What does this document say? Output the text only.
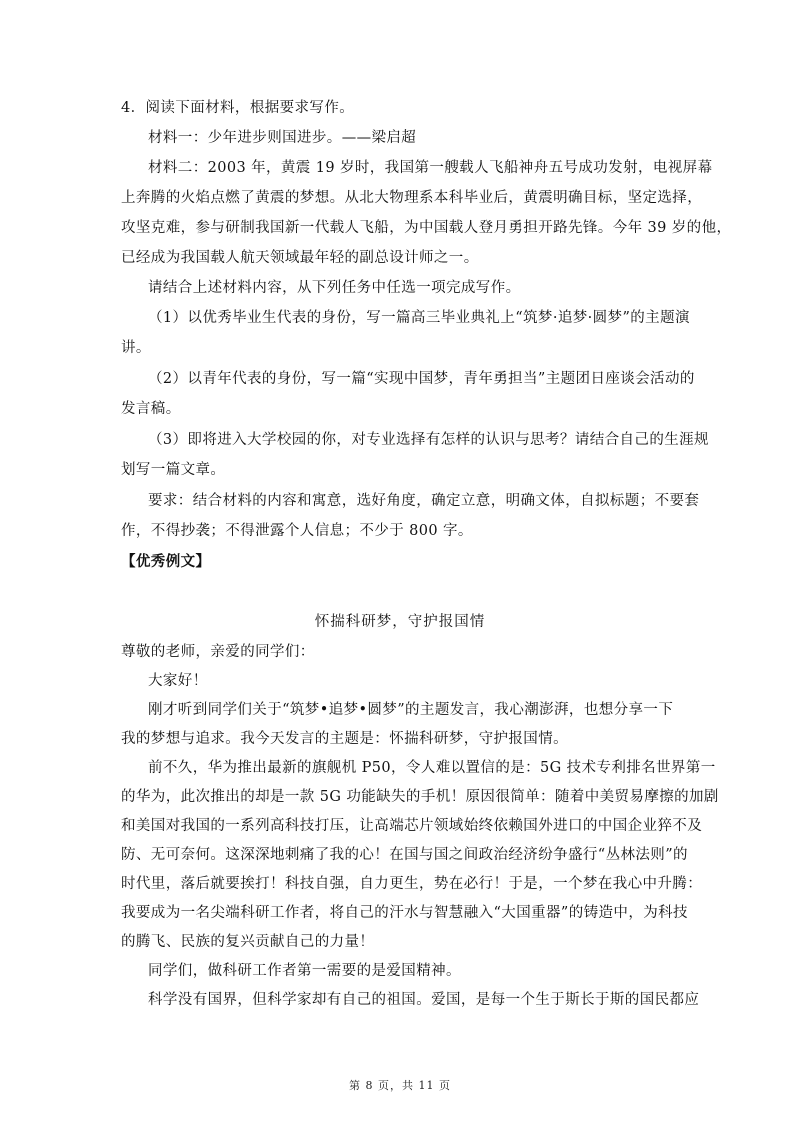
4．阅读下面材料，根据要求写作。
材料一：少年进步则国进步。——梁启超
材料二：2003 年，黄震 19 岁时，我国第一艘载人飞船神舟五号成功发射，电视屏幕
上奔腾的火焰点燃了黄震的梦想。从北大物理系本科毕业后，黄震明确目标，坚定选择，
攻坚克难，参与研制我国新一代载人飞船，为中国载人登月勇担开路先锋。今年 39 岁的他，
已经成为我国载人航天领域最年轻的副总设计师之一。
请结合上述材料内容，从下列任务中任选一项完成写作。
（1）以优秀毕业生代表的身份，写一篇高三毕业典礼上“筑梦·追梦·圆梦”的主题演
讲。
（2）以青年代表的身份，写一篇“实现中国梦，青年勇担当”主题团日座谈会活动的
发言稿。
（3）即将进入大学校园的你，对专业选择有怎样的认识与思考？请结合自己的生涯规
划写一篇文章。
要求：结合材料的内容和寓意，选好角度，确定立意，明确文体，自拟标题；不要套
作，不得抄袭；不得泄露个人信息；不少于 800 字。
【优秀例文】
怀揣科研梦，守护报国情
尊敬的老师，亲爱的同学们：
大家好！
刚才听到同学们关于“筑梦•追梦•圆梦”的主题发言，我心潮澎湃，也想分享一下
我的梦想与追求。我今天发言的主题是：怀揣科研梦，守护报国情。
前不久，华为推出最新的旗舰机 P50，令人难以置信的是：5G 技术专利排名世界第一
的华为，此次推出的却是一款 5G 功能缺失的手机！原因很简单：随着中美贸易摩擦的加剧
和美国对我国的一系列高科技打压，让高端芯片领域始终依赖国外进口的中国企业猝不及
防、无可奈何。这深深地刺痛了我的心！在国与国之间政治经济纷争盛行“丛林法则”的
时代里，落后就要挨打！科技自强，自力更生，势在必行！于是，一个梦在我心中升腾：
我要成为一名尖端科研工作者，将自己的汗水与智慧融入“大国重器”的铸造中，为科技
的腾飞、民族的复兴贡献自己的力量！
同学们，做科研工作者第一需要的是爱国精神。
科学没有国界，但科学家却有自己的祖国。爱国，是每一个生于斯长于斯的国民都应
第 8 页，共 11 页
